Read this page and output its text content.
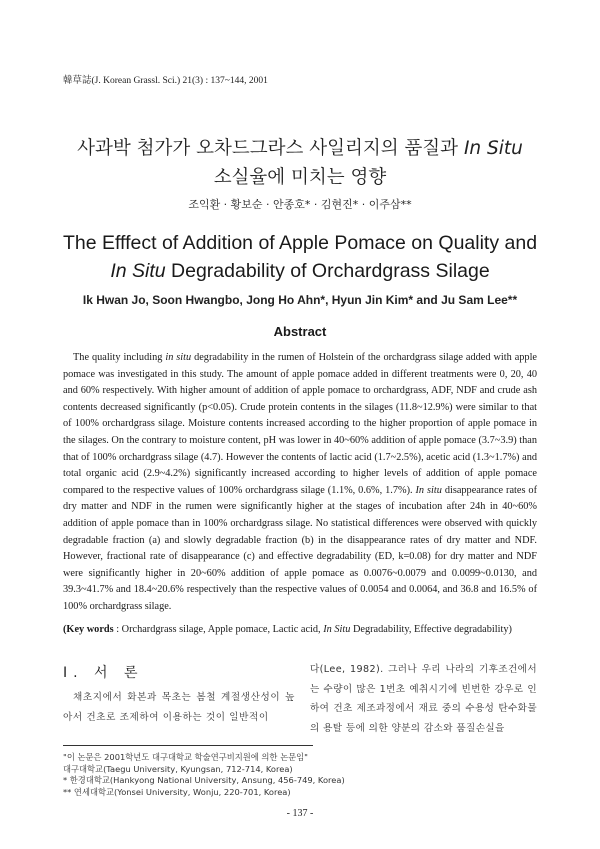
韓草誌(J. Korean Grassl. Sci.) 21(3) : 137~144, 2001
사과박 첨가가 오차드그라스 사일리지의 품질과 In Situ
소실율에 미치는 영향
조익환 · 황보순 · 안종호* · 김현진* · 이주삼**
The Efffect of Addition of Apple Pomace on Quality and
In Situ Degradability of Orchardgrass Silage
Ik Hwan Jo, Soon Hwangbo, Jong Ho Ahn*, Hyun Jin Kim* and Ju Sam Lee**
Abstract
The quality including in situ degradability in the rumen of Holstein of the orchardgrass silage added with apple pomace was investigated in this study. The amount of apple pomace added in different treatments were 0, 20, 40 and 60% respectively. With higher amount of addition of apple pomace to orchardgrass, ADF, NDF and crude ash contents decreased significantly (p<0.05). Crude protein contents in the silages (11.8~12.9%) were similar to that of 100% orchardgrass silage. Moisture contents increased according to the higher proportion of apple pomace in the silages. On the contrary to moisture content, pH was lower in 40~60% addition of apple pomace (3.7~3.9) than that of 100% orchardgrass silage (4.7). However the contents of lactic acid (1.7~2.5%), acetic acid (1.3~1.7%) and total organic acid (2.9~4.2%) significantly increased according to higher levels of addition of apple pomace compared to the respective values of 100% orchardgrass silage (1.1%, 0.6%, 1.7%). In situ disappearance rates of dry matter and NDF in the rumen were significantly higher at the stages of incubation after 24h in 40~60% addition of apple pomace than in 100% orchardgrass silage. No statistical differences were observed with quickly degradable fraction (a) and slowly degradable fraction (b) in the disappearance rates of dry matter and NDF. However, fractional rate of disappearance (c) and effective degradability (ED, k=0.08) for dry matter and NDF were significantly higher in 20~60% addition of apple pomace as 0.0076~0.0079 and 0.0099~0.0130, and 39.3~41.7% and 18.4~20.6% respectively than the respective values of 0.0054 and 0.0064, and 36.8 and 16.5% of 100% orchardgrass silage.
(Key words : Orchardgrass silage, Apple pomace, Lactic acid, In Situ Degradability, Effective degradability)
Ⅰ. 서 론
채초지에서 화본과 목초는 봄철 계절생산성이 높아서 건초로 조제하여 이용하는 것이 일반적이
다(Lee, 1982). 그러나 우리 나라의 기후조건에서는 수량이 많은 1번초 예취시기에 빈번한 강우로 인하여 건초 제조과정에서 재료 중의 수용성 탄수화물의 용탈 등에 의한 양분의 감소와 품질손실을
"이 논문은 2001학년도 대구대학교 학술연구비지원에 의한 논문임"
대구대학교(Taegu University, Kyungsan, 712-714, Korea)
* 한경대학교(Hankyong National University, Ansung, 456-749, Korea)
** 연세대학교(Yonsei University, Wonju, 220-701, Korea)
- 137 -
